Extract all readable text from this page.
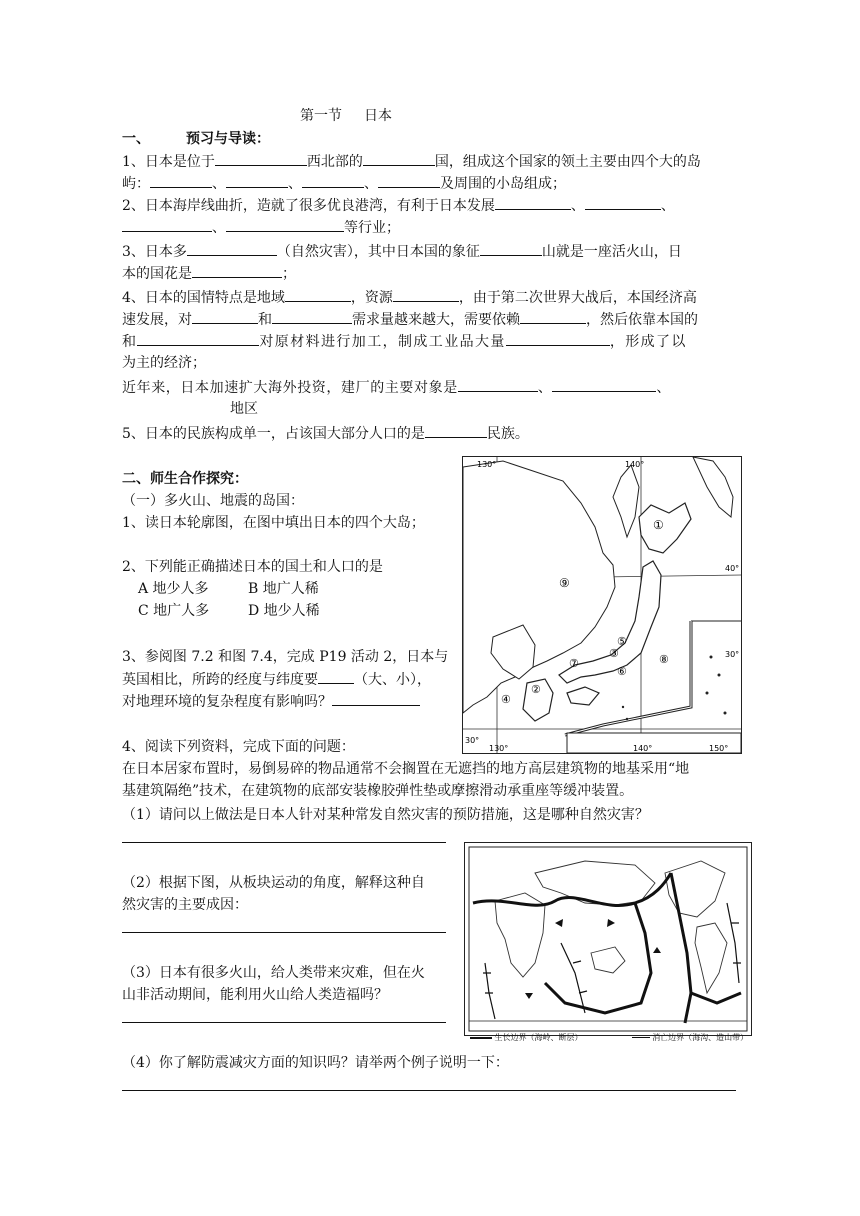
第一节 日本
一、	预习与导读：
1、日本是位于	西北部的	国，组成这个国家的领土主要由四个大的岛
屿：	、	、	、	及周围的小岛组成；
2、日本海岸线曲折，造就了很多优良港湾，有利于日本发展	、	、
、	等行业；
3、日本多	（自然灾害），其中日本国的象征	山就是一座活火山，日
本的国花是	；
4、日本的国情特点是地域	，资源	，由于第二次世界大战后，本国经济高
速发展，对	和	需求量越来越大，需要依赖	，然后依靠本国的
和	对原材料进行加工，制成工业品大量	，形成了以
为主的经济；
近年来，日本加速扩大海外投资，建厂的主要对象是	、	、
地区
5、日本的民族构成单一，占该国大部分人口的是	民族。
二、师生合作探究：
（一）多火山、地震的岛国：
1、读日本轮廓图，在图中填出日本的四个大岛；
2、下列能正确描述日本的国土和人口的是
A 地少人多	B 地广人稀
C 地广人多	D 地少人稀
3、参阅图 7.2 和图 7.4，完成 P19 活动 2，日本与
英国相比，所跨的经度与纬度要	（大、小），
对地理环境的复杂程度有影响吗？
4、阅读下列资料，完成下面的问题：
在日本居家布置时，易倒易碎的物品通常不会搁置在无遮挡的地方高层建筑物的地基采用“地
基建筑隔绝”技术，在建筑物的底部安装橡胶弹性垫或摩擦滑动承重座等缓冲装置。
（1）请问以上做法是日本人针对某种常发自然灾害的预防措施，这是哪种自然灾害？
（2）根据下图，从板块运动的角度，解释这种自
然灾害的主要成因：
（3）日本有很多火山，给人类带来灾难，但在火
山非活动期间，能利用火山给人类造福吗？
（4）你了解防震减灾方面的知识吗？请举两个例子说明一下：
130°	140°
40°
30°
30°
130°	140°	150°
①
②
③
④
⑤
⑥
⑦	⑧
⑨
生长边界（海岭、断层）	消亡边界（海沟、造山带）
